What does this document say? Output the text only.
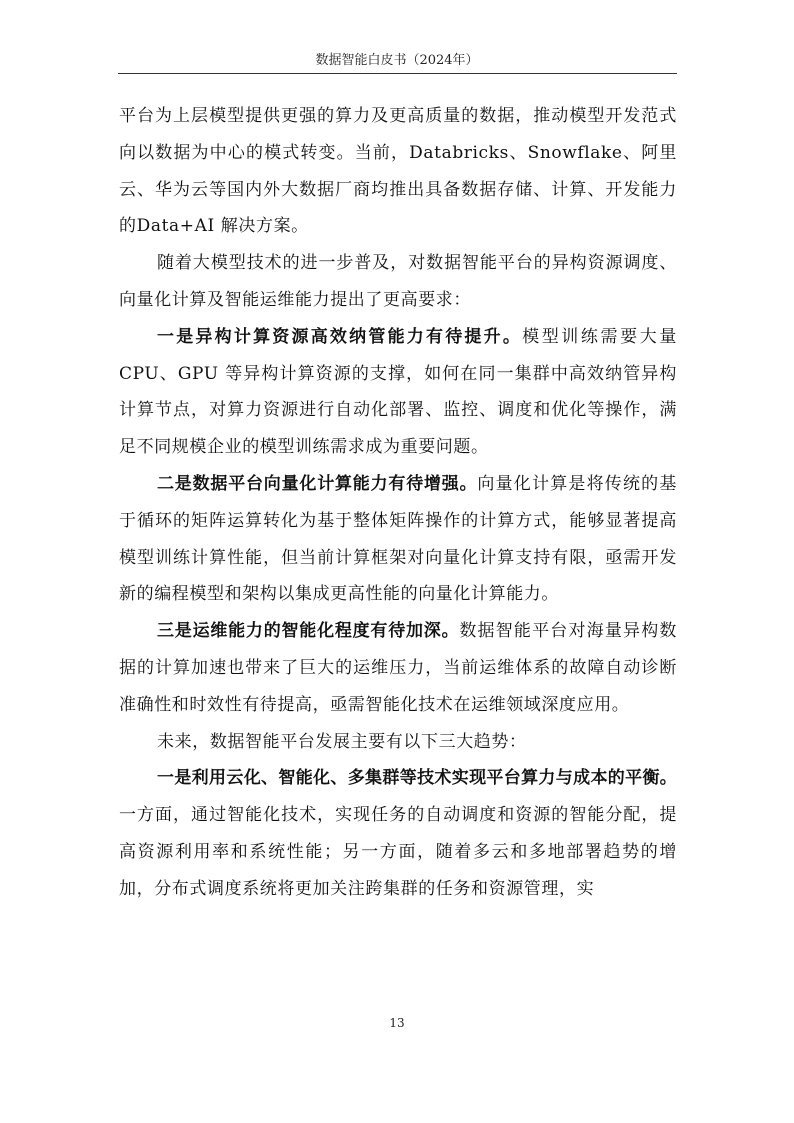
数据智能白皮书（2024年）

平台为上层模型提供更强的算力及更高质量的数据，推动模型开发范式向以数据为中心的模式转变。当前，Databricks、Snowflake、阿里云、华为云等国内外大数据厂商均推出具备数据存储、计算、开发能力的Data+AI 解决方案。

随着大模型技术的进一步普及，对数据智能平台的异构资源调度、向量化计算及智能运维能力提出了更高要求：

一是异构计算资源高效纳管能力有待提升。模型训练需要大量CPU、GPU 等异构计算资源的支撑，如何在同一集群中高效纳管异构计算节点，对算力资源进行自动化部署、监控、调度和优化等操作，满足不同规模企业的模型训练需求成为重要问题。

二是数据平台向量化计算能力有待增强。向量化计算是将传统的基于循环的矩阵运算转化为基于整体矩阵操作的计算方式，能够显著提高模型训练计算性能，但当前计算框架对向量化计算支持有限，亟需开发新的编程模型和架构以集成更高性能的向量化计算能力。

三是运维能力的智能化程度有待加深。数据智能平台对海量异构数据的计算加速也带来了巨大的运维压力，当前运维体系的故障自动诊断准确性和时效性有待提高，亟需智能化技术在运维领域深度应用。

未来，数据智能平台发展主要有以下三大趋势：

一是利用云化、智能化、多集群等技术实现平台算力与成本的平衡。一方面，通过智能化技术，实现任务的自动调度和资源的智能分配，提高资源利用率和系统性能；另一方面，随着多云和多地部署趋势的增加，分布式调度系统将更加关注跨集群的任务和资源管理，实

13
